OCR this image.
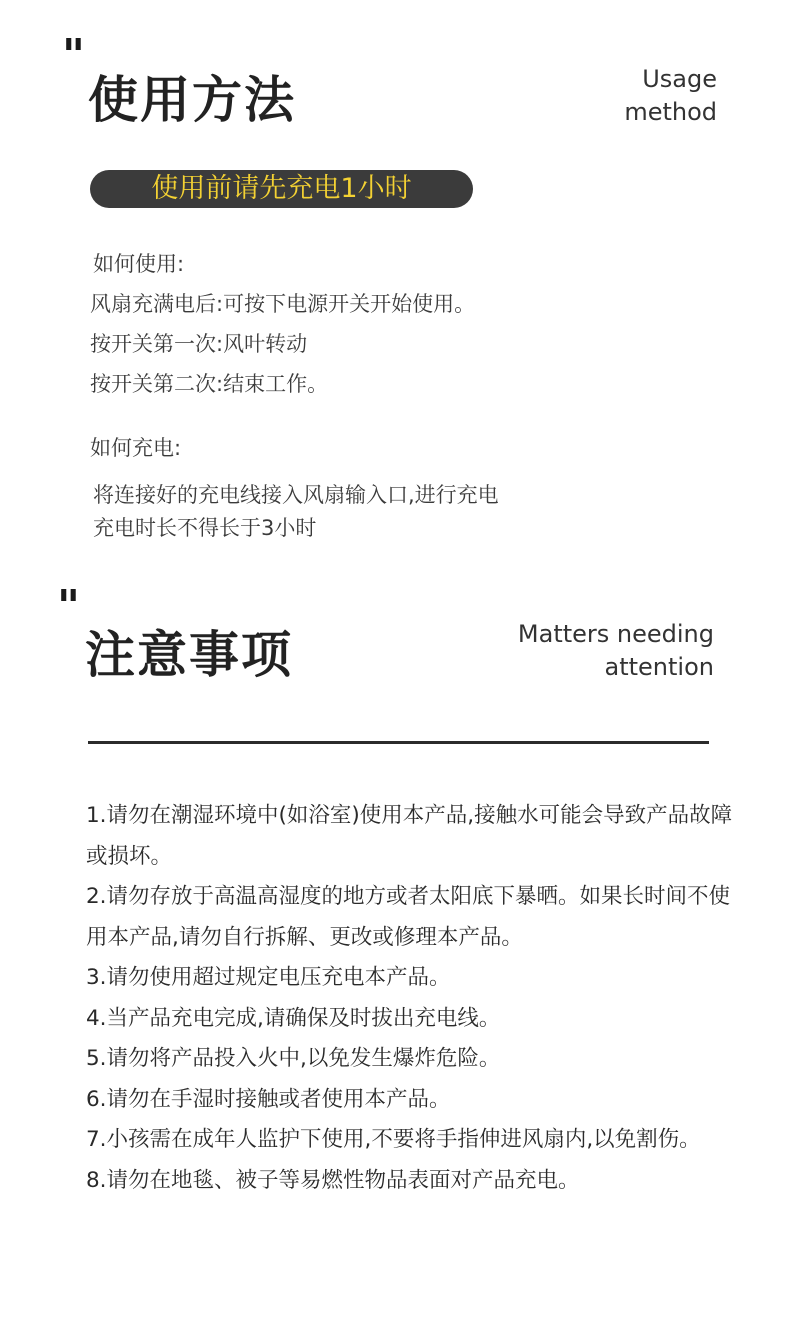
"
使用方法	Usage
method
使用前请先充电1小时
如何使用:
风扇充满电后:可按下电源开关开始使用。
按开关第一次:风叶转动
按开关第二次:结束工作。
如何充电:
将连接好的充电线接入风扇输入口,进行充电
充电时长不得长于3小时
"
注意事项	Matters needing
attention
1.请勿在潮湿环境中(如浴室)使用本产品,接触水可能会导致产品故障或损坏。
2.请勿存放于高温高湿度的地方或者太阳底下暴晒。如果长时间不使用本产品,请勿自行拆解、更改或修理本产品。
3.请勿使用超过规定电压充电本产品。
4.当产品充电完成,请确保及时拔出充电线。
5.请勿将产品投入火中,以免发生爆炸危险。
6.请勿在手湿时接触或者使用本产品。
7.小孩需在成年人监护下使用,不要将手指伸进风扇内,以免割伤。
8.请勿在地毯、被子等易燃性物品表面对产品充电。
